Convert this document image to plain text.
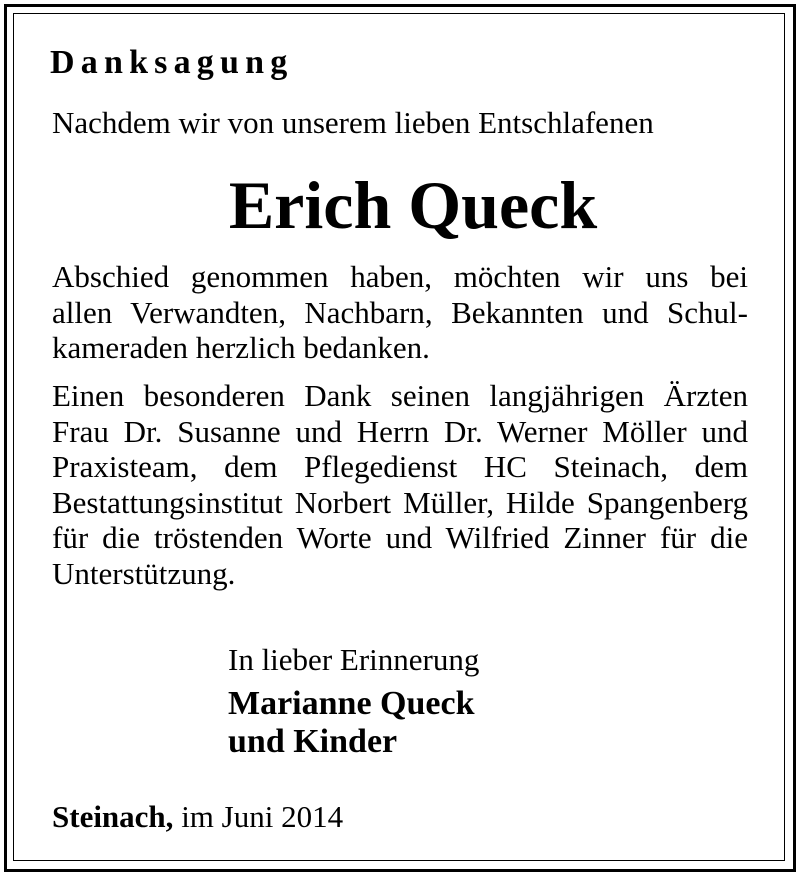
Danksagung

Nachdem wir von unserem lieben Entschlafenen

Erich Queck

Abschied genommen haben, möchten wir uns bei
allen Verwandten, Nachbarn, Bekannten und Schul-
kameraden herzlich bedanken.

Einen besonderen Dank seinen langjährigen Ärzten
Frau Dr. Susanne und Herrn Dr. Werner Möller und
Praxisteam, dem Pflegedienst HC Steinach, dem
Bestattungsinstitut Norbert Müller, Hilde Spangenberg
für die tröstenden Worte und Wilfried Zinner für die
Unterstützung.

In lieber Erinnerung

Marianne Queck
und Kinder

Steinach, im Juni 2014
